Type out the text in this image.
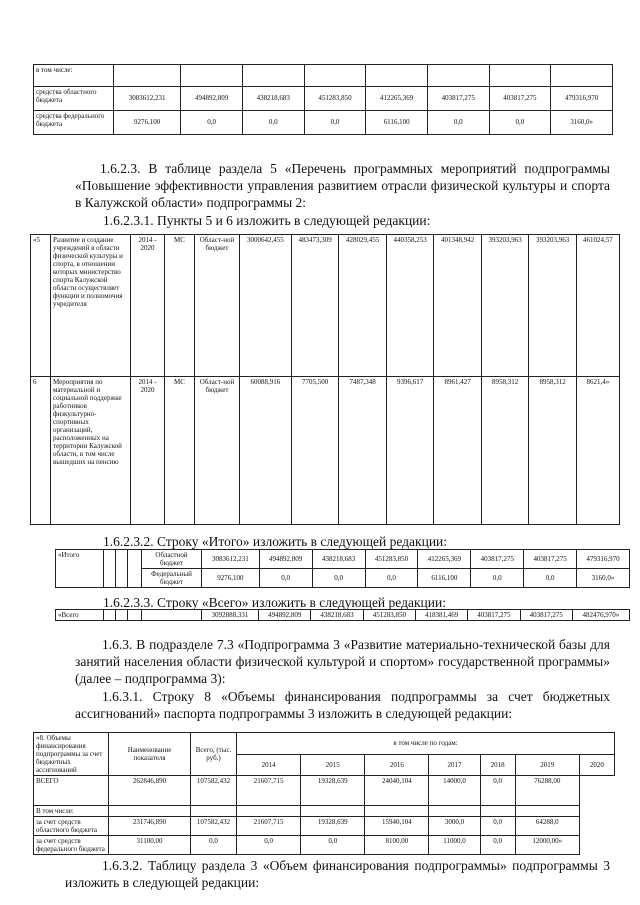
в том числе:								
средства областного бюджета	3083612,231	494892,809	438218,683	451283,850	412265,369	403817,275	403817,275	479316,970
средства федерального бюджета	9276,100	0,0	0,0	0,0	6116,100	0,0	0,0	3160,0»
1.6.2.3. В таблице раздела 5 «Перечень программных мероприятий подпрограммы «Повышение эффективности управления развитием отрасли физической культуры и спорта в Калужской области» подпрограммы 2:
1.6.2.3.1. Пункты 5 и 6 изложить в следующей редакции:
«5	Развитие и создание учреждений в области физической культуры и спорта, в отношении которых министерство спорта Калужской области осуществляет функции и полномочия учредителя	2014 - 2020	МС	Област-ной бюджет	3000642,455	483473,309	428029,455	440358,253	401348,942	393203,963	393203,963	461024,57
6	Мероприятия по материальной и социальной поддержке работников физкультурно-спортивных организаций, расположенных на территории Калужской области, в том числе вышедших на пенсию	2014 - 2020	МС	Област-ной бюджет	60088,916	7705,500	7487,348	9396,617	8961,427	8958,312	8958,312	8621,4»
1.6.2.3.2. Строку «Итого» изложить в следующей редакции:
«Итого				Областной бюджет	3083612,231	494892,809	438218,683	451283,850	412265,369	403817,275	403817,275	479316,970
				Федеральный бюджет	9276,100	0,0	0,0	0,0	6116,100	0,0	0,0	3160,0»
1.6.2.3.3. Строку «Всего» изложить в следующей редакции:
«Всего					3092888,331	494892,809	438218,683	451283,850	418381,469	403817,275	403817,275	482476,970»
1.6.3. В подразделе 7.3 «Подпрограмма 3 «Развитие материально-технической базы для занятий населения области физической культурой и спортом» государственной программы» (далее – подпрограмма 3):
1.6.3.1. Строку 8 «Объемы финансирования подпрограммы за счет бюджетных ассигнований» паспорта подпрограммы 3 изложить в следующей редакции:
«8. Объемы финансирования подпрограммы за счет бюджетных ассигнований	Наименование показателя	Всего, (тыс. руб.)	в том числе по годам:						
			2014	2015	2016	2017	2018	2019	2020
ВСЕГО	262846,890	107582,432	21607,715	19328,639	24040,104	14000,0	0,0	76288,00	
В том числе:									
за счет средств областного бюджета	231746,890	107582,432	21607,715	19328,639	15940,104	3000,0	0,0	64288,0	
за счет средств федерального бюджета	31100,00	0,0	0,0	0,0	8100,00	11000,0	0,0	12000,00»	
1.6.3.2. Таблицу раздела 3 «Объем финансирования подпрограммы» подпрограммы 3 изложить в следующей редакции:
